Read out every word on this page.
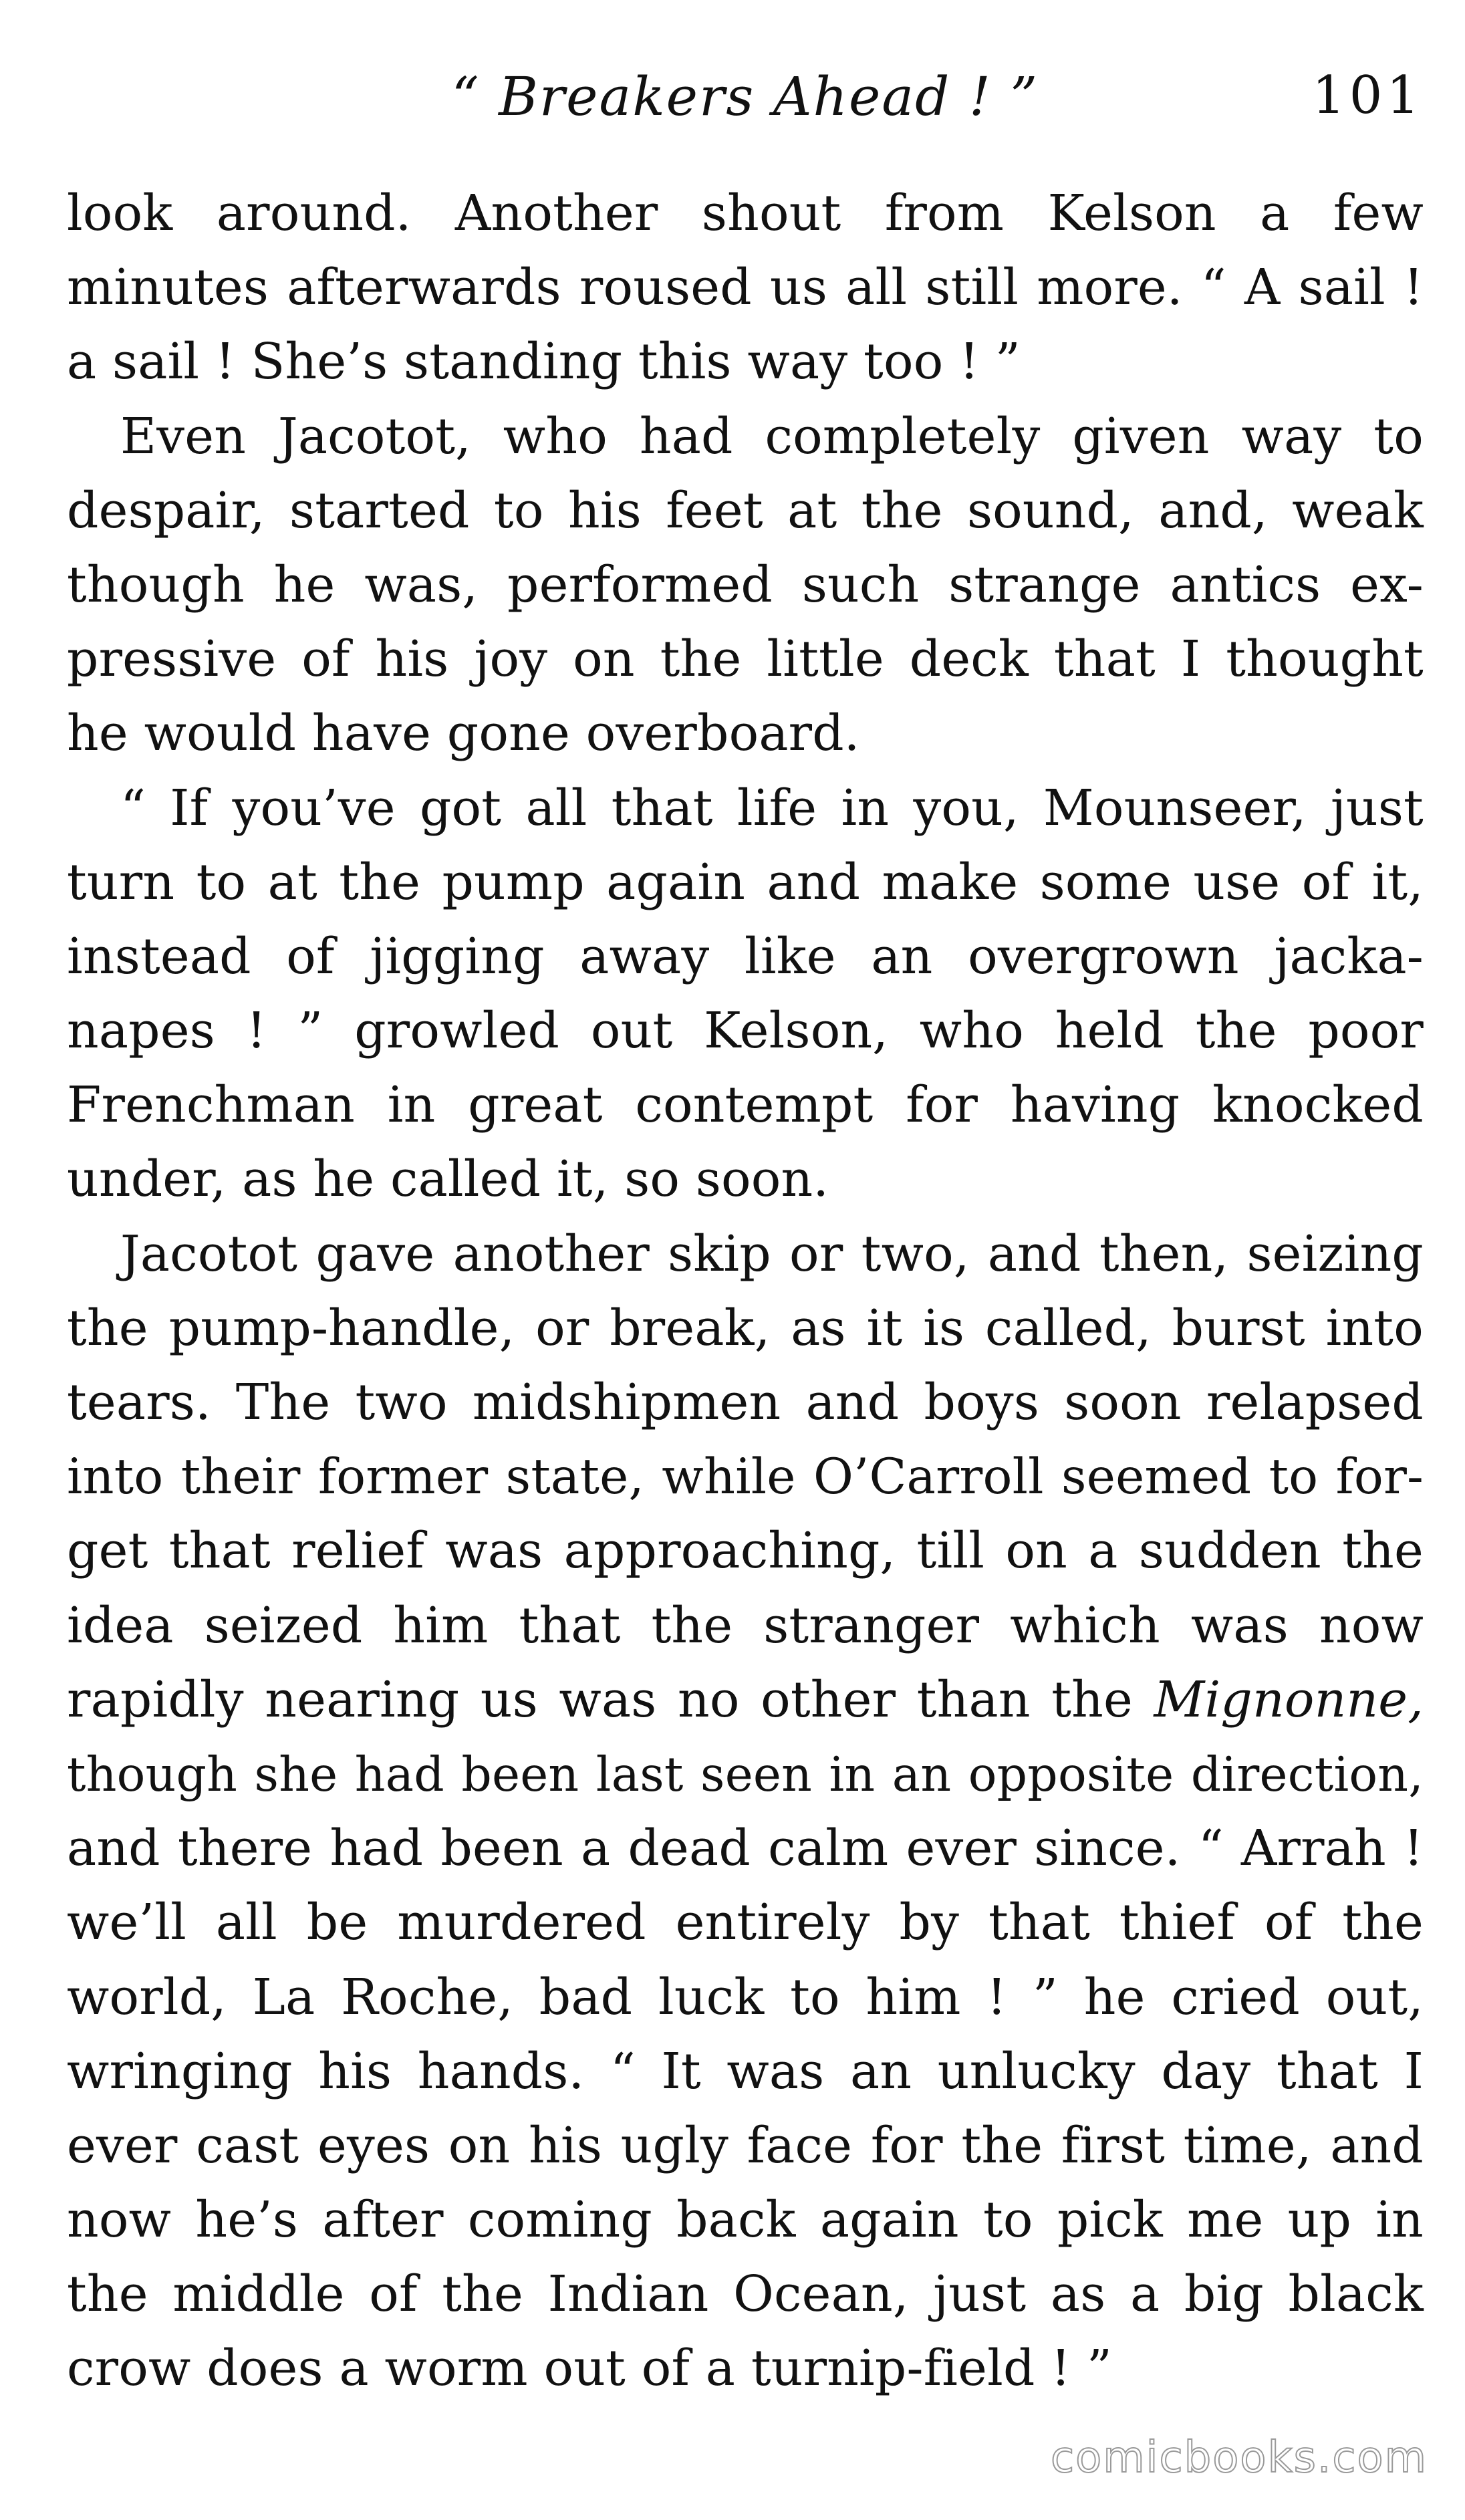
“ Breakers Ahead ! ”	101
look around. Another shout from Kelson a few
minutes afterwards roused us all still more. “ A sail !
a sail ! She’s standing this way too ! ”
Even Jacotot, who had completely given way to
despair, started to his feet at the sound, and, weak
though he was, performed such strange antics ex-
pressive of his joy on the little deck that I thought
he would have gone overboard.
“ If you’ve got all that life in you, Mounseer, just
turn to at the pump again and make some use of it,
instead of jigging away like an overgrown jacka-
napes ! ” growled out Kelson, who held the poor
Frenchman in great contempt for having knocked
under, as he called it, so soon.
Jacotot gave another skip or two, and then, seizing
the pump-handle, or break, as it is called, burst into
tears. The two midshipmen and boys soon relapsed
into their former state, while O’Carroll seemed to for-
get that relief was approaching, till on a sudden the
idea seized him that the stranger which was now
rapidly nearing us was no other than the Mignonne,
though she had been last seen in an opposite direction,
and there had been a dead calm ever since. “ Arrah !
we’ll all be murdered entirely by that thief of the
world, La Roche, bad luck to him ! ” he cried out,
wringing his hands. “ It was an unlucky day that I
ever cast eyes on his ugly face for the first time, and
now he’s after coming back again to pick me up in
the middle of the Indian Ocean, just as a big black
crow does a worm out of a turnip-field ! ”
comicbooks.com
